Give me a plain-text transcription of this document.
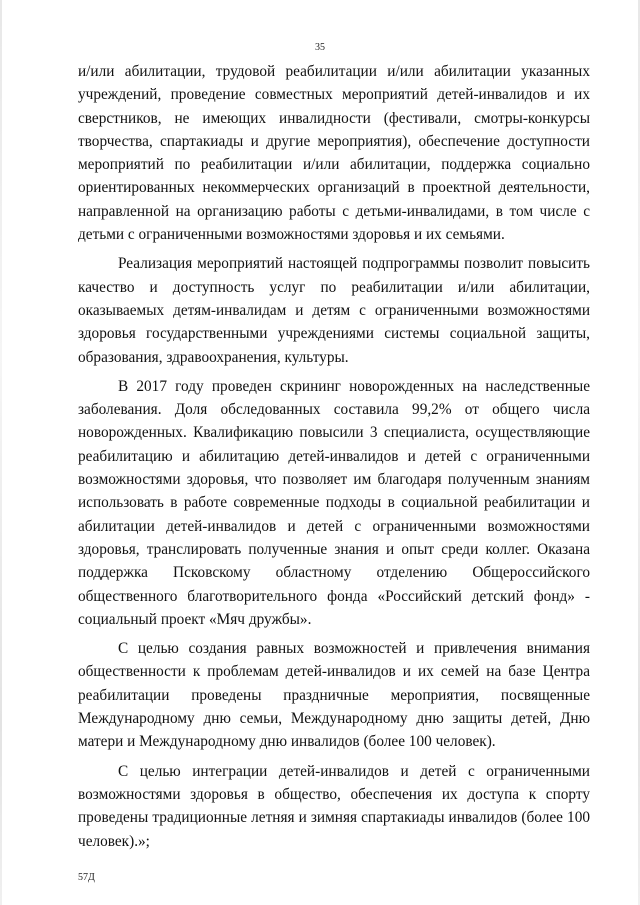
35

и/или абилитации, трудовой реабилитации и/или абилитации указанных учреждений, проведение совместных мероприятий детей-инвалидов и их сверстников, не имеющих инвалидности (фестивали, смотры-конкурсы творчества, спартакиады и другие мероприятия), обеспечение доступности мероприятий по реабилитации и/или абилитации, поддержка социально ориентированных некоммерческих организаций в проектной деятельности, направленной на организацию работы с детьми-инвалидами, в том числе с детьми с ограниченными возможностями здоровья и их семьями.

Реализация мероприятий настоящей подпрограммы позволит повысить качество и доступность услуг по реабилитации и/или абилитации, оказываемых детям-инвалидам и детям с ограниченными возможностями здоровья государственными учреждениями системы социальной защиты, образования, здравоохранения, культуры.

В 2017 году проведен скрининг новорожденных на наследственные заболевания. Доля обследованных составила 99,2% от общего числа новорожденных. Квалификацию повысили 3 специалиста, осуществляющие реабилитацию и абилитацию детей-инвалидов и детей с ограниченными возможностями здоровья, что позволяет им благодаря полученным знаниям использовать в работе современные подходы в социальной реабилитации и абилитации детей-инвалидов и детей с ограниченными возможностями здоровья, транслировать полученные знания и опыт среди коллег. Оказана поддержка Псковскому областному отделению Общероссийского общественного благотворительного фонда «Российский детский фонд» - социальный проект «Мяч дружбы».

С целью создания равных возможностей и привлечения внимания общественности к проблемам детей-инвалидов и их семей на базе Центра реабилитации проведены праздничные мероприятия, посвященные Международному дню семьи, Международному дню защиты детей, Дню матери и Международному дню инвалидов (более 100 человек).

С целью интеграции детей-инвалидов и детей с ограниченными возможностями здоровья в общество, обеспечения их доступа к спорту проведены традиционные летняя и зимняя спартакиады инвалидов (более 100 человек).»;

57Д
